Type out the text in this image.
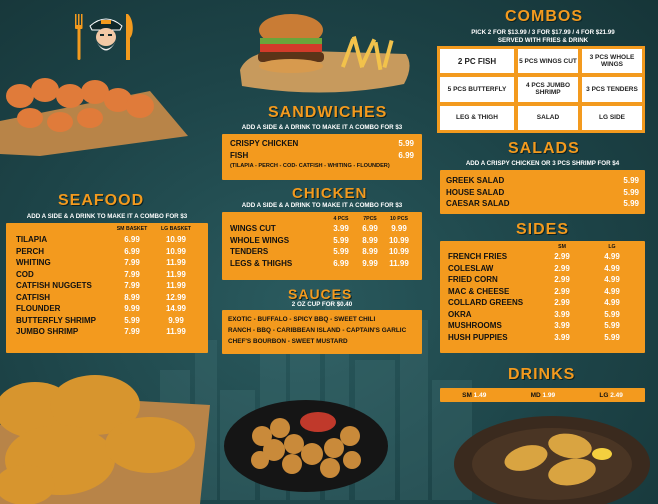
COMBOS
PICK 2 FOR $13.99 / 3 FOR $17.99 / 4 FOR $21.99
SERVED WITH FRIES & DRINK
2 PC FISH	5 PCS WINGS CUT	3 PCS WHOLE WINGS
5 PCS BUTTERFLY	4 PCS JUMBO SHRIMP	3 PCS TENDERS
LEG & THIGH	SALAD	LG SIDE
SANDWICHES
ADD A SIDE & A DRINK TO MAKE IT A COMBO FOR $3
CRISPY CHICKEN	5.99
FISH	6.99
(TILAPIA - PERCH - COD- CATFISH - WHITING - FLOUNDER)
CHICKEN
ADD A SIDE & A DRINK TO MAKE IT A COMBO FOR $3
4 PCS	7PCS	10 PCS
WINGS CUT	3.99	6.99	9.99
WHOLE WINGS	5.99	8.99	10.99
TENDERS	5.99	8.99	10.99
LEGS & THIGHS	6.99	9.99	11.99
SAUCES
2 OZ CUP FOR $0.40
EXOTIC - BUFFALO - SPICY BBQ - SWEET CHILI
RANCH - BBQ - CARIBBEAN ISLAND - CAPTAIN'S GARLIC
CHEF'S BOURBON - SWEET MUSTARD
SEAFOOD
ADD A SIDE & A DRINK TO MAKE IT A COMBO FOR $3
SM BASKET	LG BASKET
TILAPIA	6.99	10.99
PERCH	6.99	10.99
WHITING	7.99	11.99
COD	7.99	11.99
CATFISH NUGGETS	7.99	11.99
CATFISH	8.99	12.99
FLOUNDER	9.99	14.99
BUTTERFLY SHRIMP	5.99	9.99
JUMBO SHRIMP	7.99	11.99
SALADS
ADD A CRISPY CHICKEN OR 3 PCS SHRIMP FOR $4
GREEK SALAD	5.99
HOUSE SALAD	5.99
CAESAR SALAD	5.99
SIDES
SM	LG
FRENCH FRIES	2.99	4.99
COLESLAW	2.99	4.99
FRIED CORN	2.99	4.99
MAC & CHEESE	2.99	4.99
COLLARD GREENS	2.99	4.99
OKRA	3.99	5.99
MUSHROOMS	3.99	5.99
HUSH PUPPIES	3.99	5.99
DRINKS
SM 1.49	MD 1.99	LG 2.49
